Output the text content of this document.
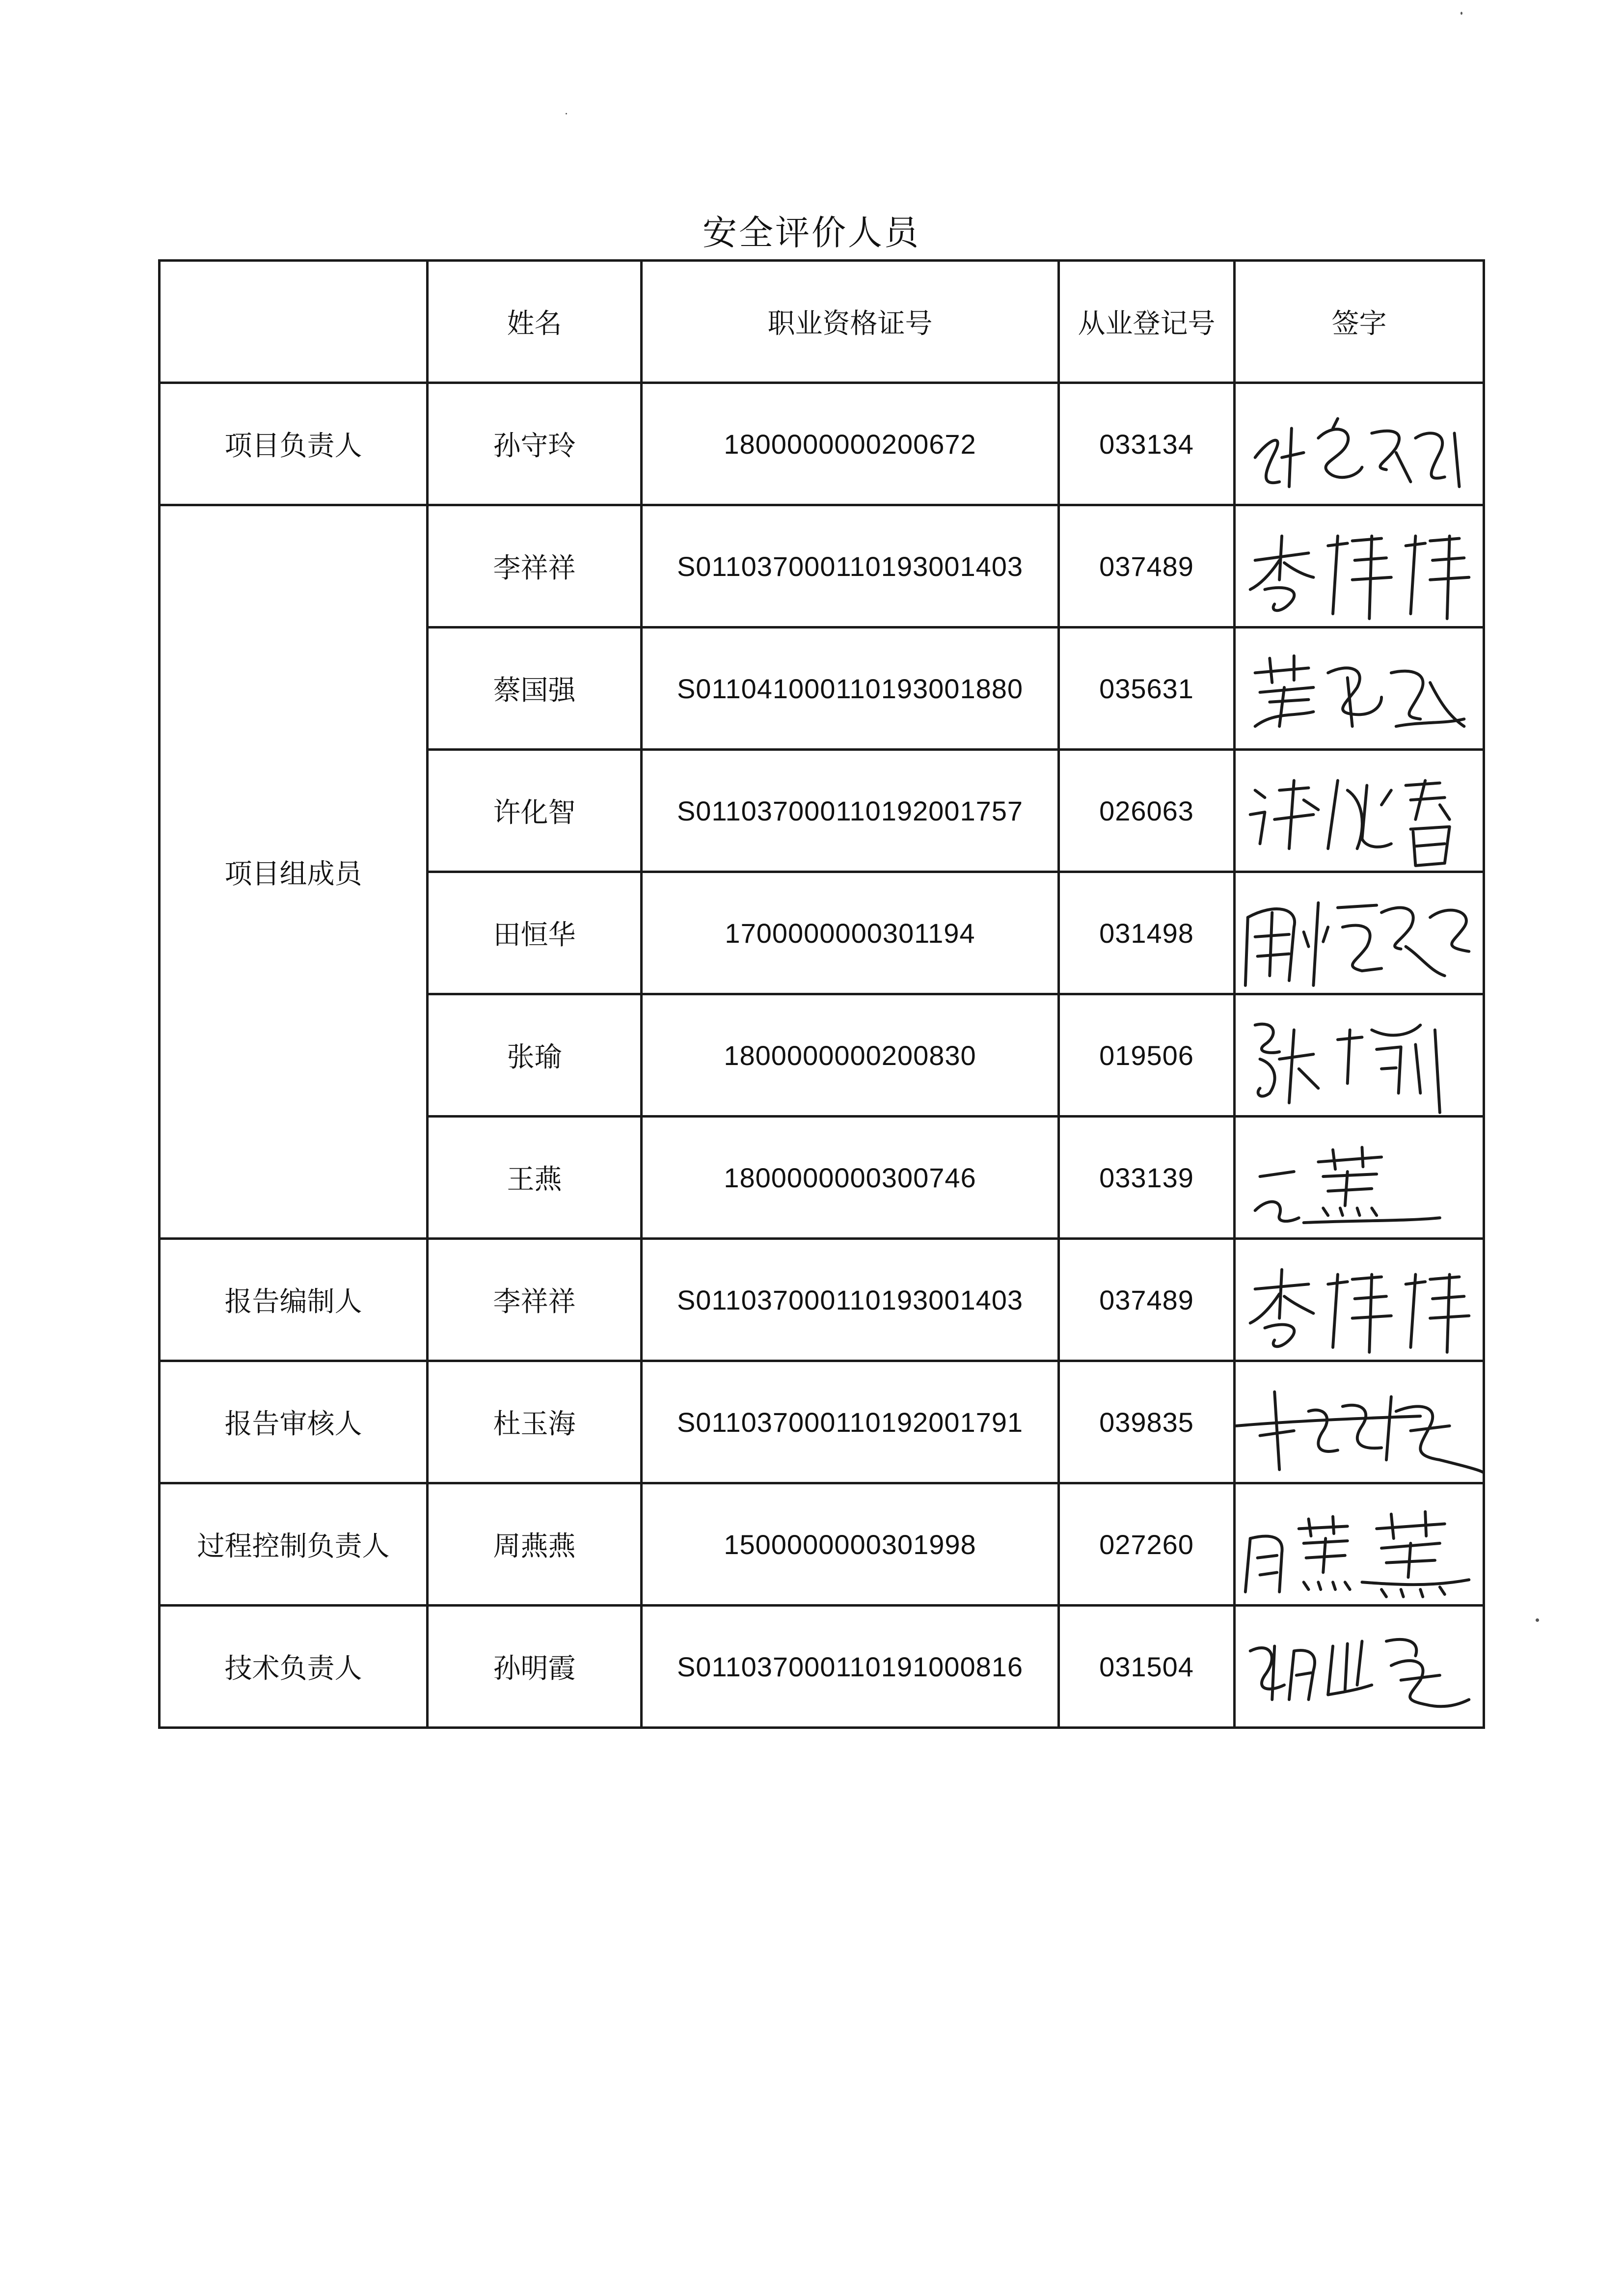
安全评价人员
	姓名	职业资格证号	从业登记号	签字
项目负责人	孙守玲	1800000000200672	033134	

项目组成员	李祥祥	S011037000110193001403	037489	

	蔡国强	S011041000110193001880	035631	

	许化智	S011037000110192001757	026063	

	田恒华	1700000000301194	031498	

	张瑜	1800000000200830	019506	

	王燕	1800000000300746	033139	

报告编制人	李祥祥	S011037000110193001403	037489	

报告审核人	杜玉海	S011037000110192001791	039835	

过程控制负责人	周燕燕	1500000000301998	027260	

技术负责人	孙明霞	S011037000110191000816	031504	
